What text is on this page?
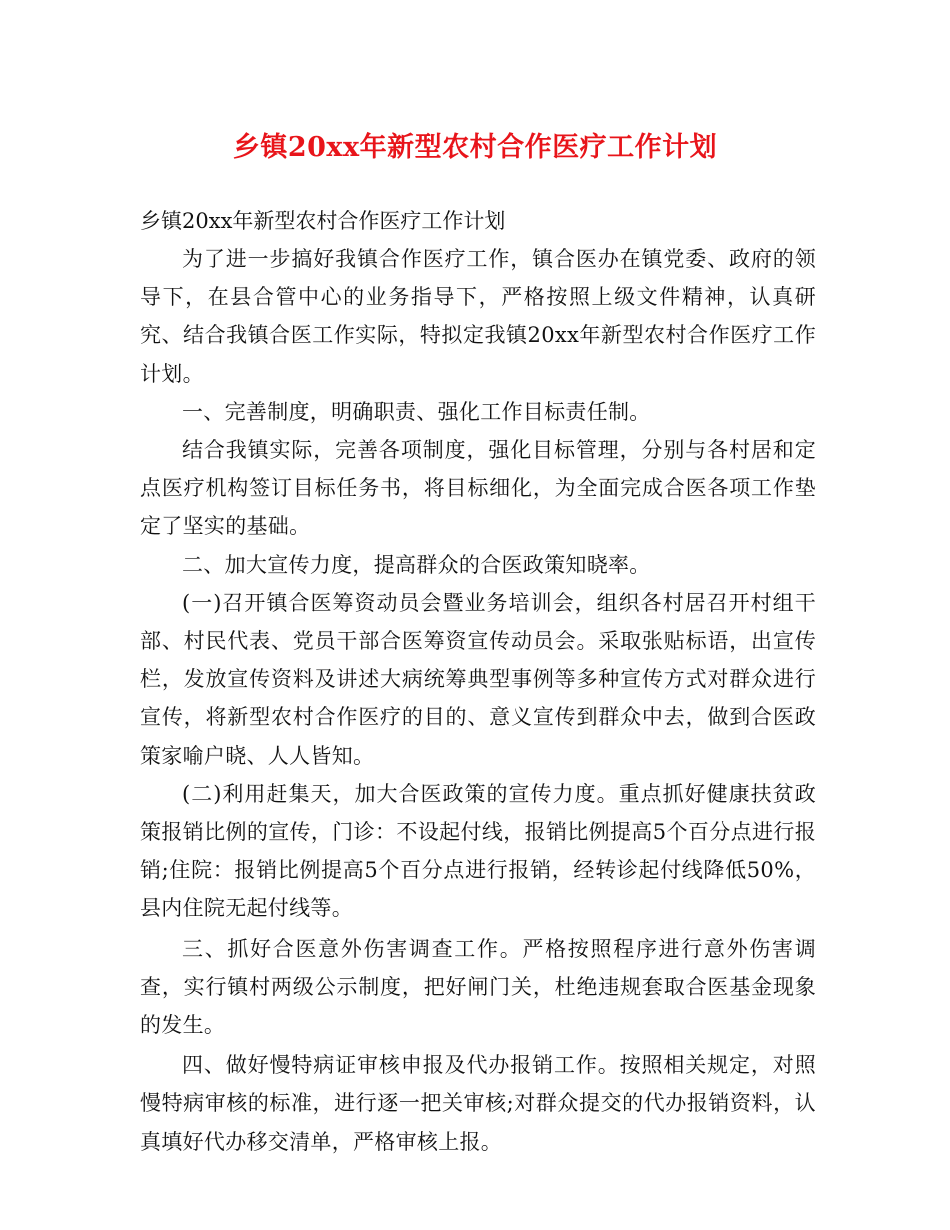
乡镇20xx年新型农村合作医疗工作计划

乡镇20xx年新型农村合作医疗工作计划

为了进一步搞好我镇合作医疗工作，镇合医办在镇党委、政府的领导下，在县合管中心的业务指导下，严格按照上级文件精神，认真研究、结合我镇合医工作实际，特拟定我镇20xx年新型农村合作医疗工作计划。

一、完善制度，明确职责、强化工作目标责任制。

结合我镇实际，完善各项制度，强化目标管理，分别与各村居和定点医疗机构签订目标任务书，将目标细化，为全面完成合医各项工作垫定了坚实的基础。

二、加大宣传力度，提高群众的合医政策知晓率。

(一)召开镇合医筹资动员会暨业务培训会，组织各村居召开村组干部、村民代表、党员干部合医筹资宣传动员会。采取张贴标语，出宣传栏，发放宣传资料及讲述大病统筹典型事例等多种宣传方式对群众进行宣传，将新型农村合作医疗的目的、意义宣传到群众中去，做到合医政策家喻户晓、人人皆知。

(二)利用赶集天，加大合医政策的宣传力度。重点抓好健康扶贫政策报销比例的宣传，门诊：不设起付线，报销比例提高5个百分点进行报销;住院：报销比例提高5个百分点进行报销，经转诊起付线降低50%，县内住院无起付线等。

三、抓好合医意外伤害调查工作。严格按照程序进行意外伤害调查，实行镇村两级公示制度，把好闸门关，杜绝违规套取合医基金现象的发生。

四、做好慢特病证审核申报及代办报销工作。按照相关规定，对照慢特病审核的标准，进行逐一把关审核;对群众提交的代办报销资料，认真填好代办移交清单，严格审核上报。
